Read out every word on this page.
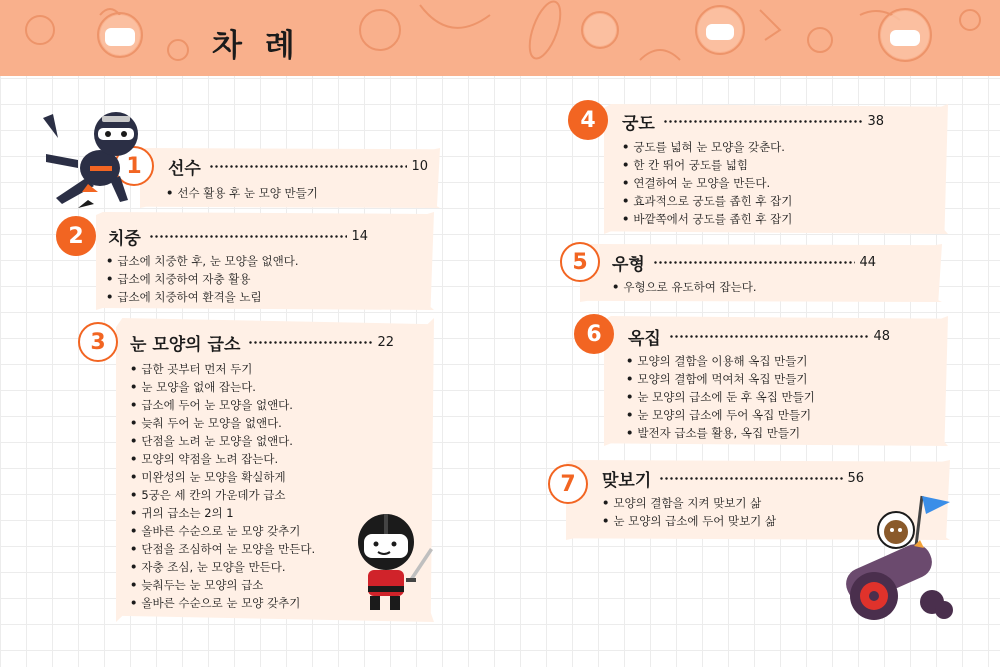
차 례
1	선수	10
• 선수 활용 후 눈 모양 만들기
2	치중	14
• 급소에 치중한 후, 눈 모양을 없앤다.
• 급소에 치중하여 자충 활용
• 급소에 치중하여 환격을 노림
3	눈 모양의 급소	22
• 급한 곳부터 먼저 두기
• 눈 모양을 없애 잡는다.
• 급소에 두어 눈 모양을 없앤다.
• 늦춰 두어 눈 모양을 없앤다.
• 단점을 노려 눈 모양을 없앤다.
• 모양의 약점을 노려 잡는다.
• 미완성의 눈 모양을 확실하게
• 5궁은 세 칸의 가운데가 급소
• 귀의 급소는 2의 1
• 올바른 수순으로 눈 모양 갖추기
• 단점을 조심하여 눈 모양을 만든다.
• 자충 조심, 눈 모양을 만든다.
• 늦춰두는 눈 모양의 급소
• 올바른 수순으로 눈 모양 갖추기
4	궁도	38
• 궁도를 넓혀 눈 모양을 갖춘다.
• 한 칸 뛰어 궁도를 넓힘
• 연결하여 눈 모양을 만든다.
• 효과적으로 궁도를 좁힌 후 잡기
• 바깥쪽에서 궁도를 좁힌 후 잡기
5	우형	44
• 우형으로 유도하여 잡는다.
6	옥집	48
• 모양의 결함을 이용해 옥집 만들기
• 모양의 결함에 먹여쳐 옥집 만들기
• 눈 모양의 급소에 둔 후 옥집 만들기
• 눈 모양의 급소에 두어 옥집 만들기
• 발전자 급소를 활용, 옥집 만들기
7	맞보기	56
• 모양의 결함을 지켜 맞보기 삶
• 눈 모양의 급소에 두어 맞보기 삶
